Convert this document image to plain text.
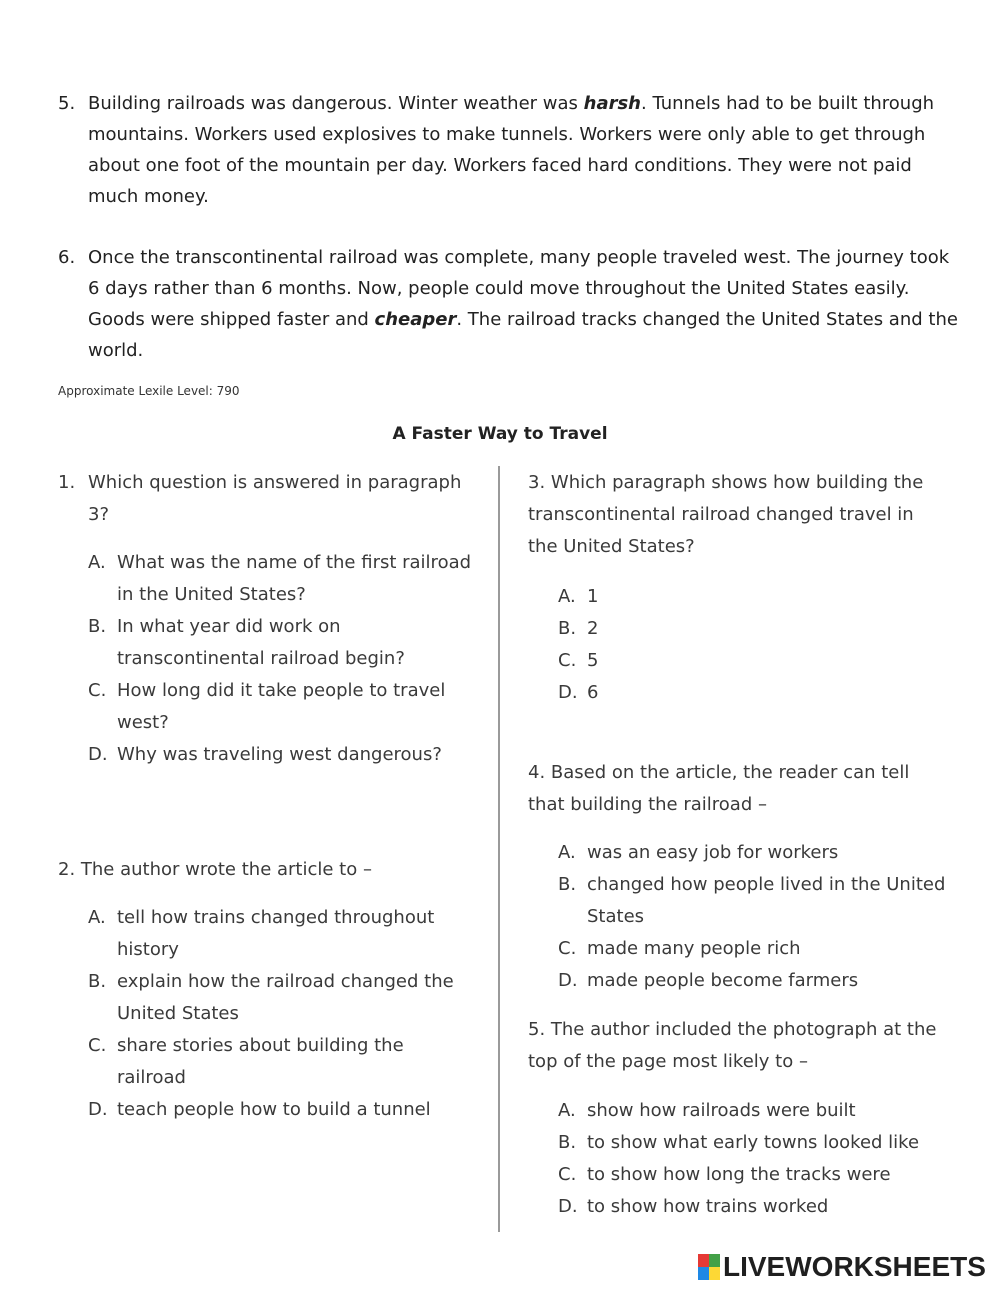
5. Building railroads was dangerous. Winter weather was harsh. Tunnels had to be built through mountains. Workers used explosives to make tunnels. Workers were only able to get through about one foot of the mountain per day. Workers faced hard conditions. They were not paid much money.
6. Once the transcontinental railroad was complete, many people traveled west. The journey took 6 days rather than 6 months. Now, people could move throughout the United States easily. Goods were shipped faster and cheaper. The railroad tracks changed the United States and the world.
Approximate Lexile Level: 790
A Faster Way to Travel
1. Which question is answered in paragraph 3?
A. What was the name of the first railroad in the United States?
B. In what year did work on transcontinental railroad begin?
C. How long did it take people to travel west?
D. Why was traveling west dangerous?
2. The author wrote the article to –
A. tell how trains changed throughout history
B. explain how the railroad changed the United States
C. share stories about building the railroad
D. teach people how to build a tunnel
3. Which paragraph shows how building the transcontinental railroad changed travel in the United States?
A. 1
B. 2
C. 5
D. 6
4. Based on the article, the reader can tell that building the railroad –
A. was an easy job for workers
B. changed how people lived in the United States
C. made many people rich
D. made people become farmers
5. The author included the photograph at the top of the page most likely to –
A. show how railroads were built
B. to show what early towns looked like
C. to show how long the tracks were
D. to show how trains worked
LIVEWORKSHEETS
